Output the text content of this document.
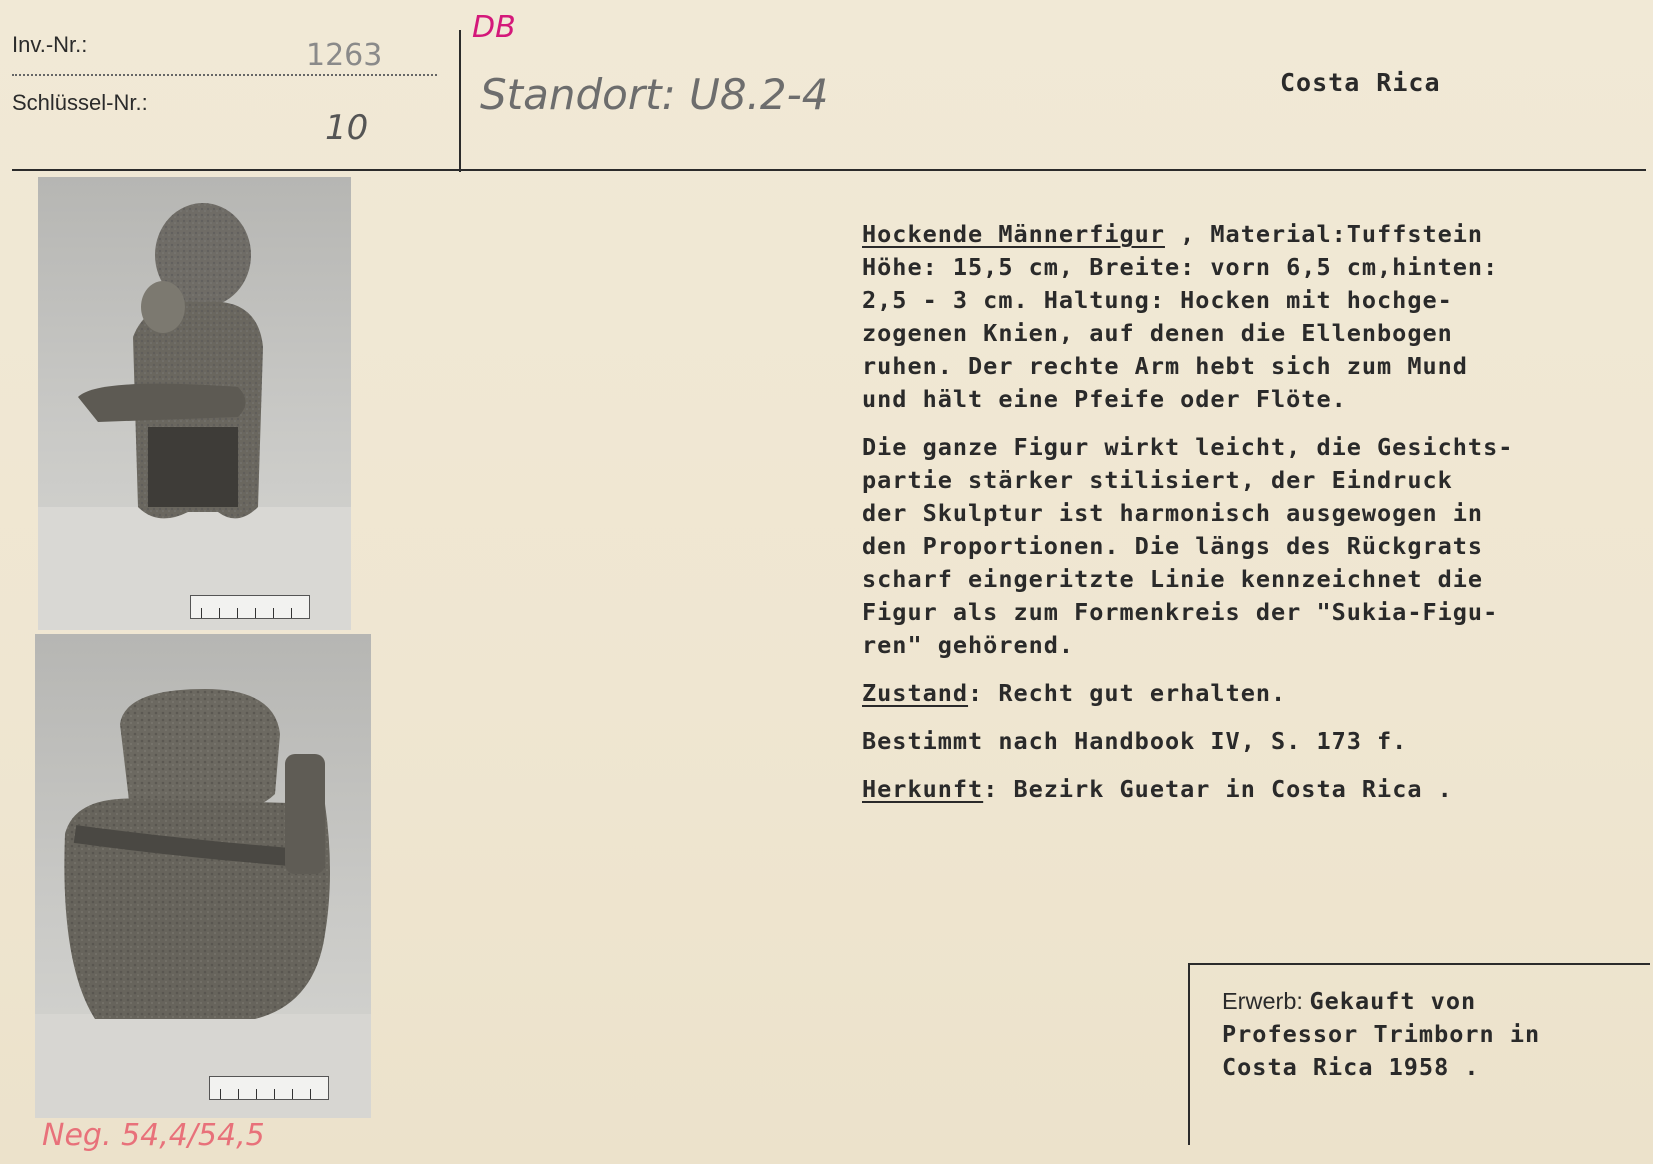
Inv.-Nr.:
Schlüssel-Nr.:
1263
10
DB
Standort: U8.2-4	Costa Rica
Neg. 54,4/54,5

Hockende Männerfigur , Material:Tuffstein

Höhe: 15,5 cm, Breite: vorn 6,5 cm,hinten:

2,5 - 3 cm. Haltung: Hocken mit hochge-

zogenen Knien, auf denen die Ellenbogen

ruhen. Der rechte Arm hebt sich zum Mund

und hält eine Pfeife oder Flöte.

Die ganze Figur wirkt leicht, die Gesichts-

partie stärker stilisiert, der Eindruck

der Skulptur ist harmonisch ausgewogen in

den Proportionen. Die längs des Rückgrats

scharf eingeritzte Linie kennzeichnet die

Figur als zum Formenkreis der "Sukia-Figu-

ren" gehörend.

Zustand: Recht gut erhalten.

Bestimmt nach Handbook IV, S. 173 f.

Herkunft: Bezirk Guetar in Costa Rica .

Erwerb: Gekauft von

Professor Trimborn in

Costa Rica 1958 .
